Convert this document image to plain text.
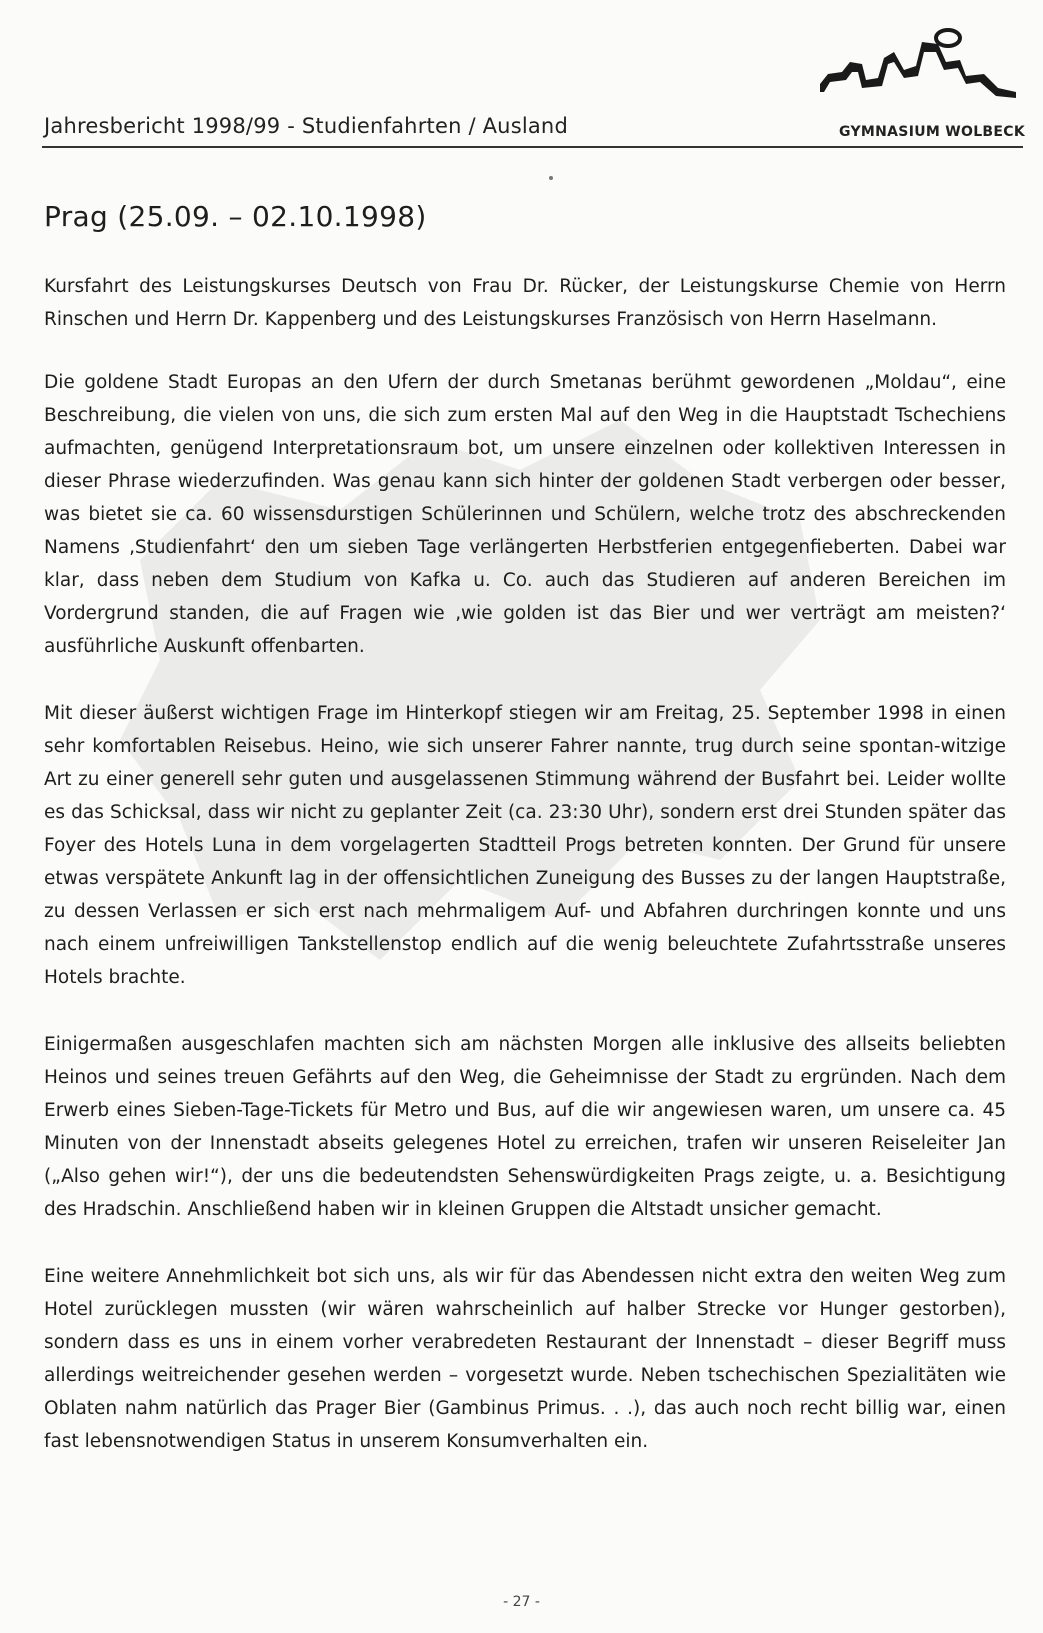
Jahresbericht 1998/99 - Studienfahrten / Ausland	GYMNASIUM WOLBECK
Prag (25.09. – 02.10.1998)

Kursfahrt des Leistungskurses Deutsch von Frau Dr. Rücker, der Leistungskurse Chemie von Herrn Rinschen und Herrn Dr. Kappenberg und des Leistungskurses Französisch von Herrn Haselmann.

Die goldene Stadt Europas an den Ufern der durch Smetanas berühmt gewordenen „Moldau“, eine Beschreibung, die vielen von uns, die sich zum ersten Mal auf den Weg in die Hauptstadt Tschechiens aufmachten, genügend Interpretationsraum bot, um unsere einzelnen oder kollektiven Interessen in dieser Phrase wiederzufinden. Was genau kann sich hinter der goldenen Stadt verbergen oder besser, was bietet sie ca. 60 wissensdurstigen Schülerinnen und Schülern, welche trotz des abschreckenden Namens ‚Studienfahrt‘ den um sieben Tage verlängerten Herbstferien entgegenfieberten. Dabei war klar, dass neben dem Studium von Kafka u. Co. auch das Studieren auf anderen Bereichen im Vordergrund standen, die auf Fragen wie ‚wie golden ist das Bier und wer verträgt am meisten?‘ ausführliche Auskunft offenbarten.

Mit dieser äußerst wichtigen Frage im Hinterkopf stiegen wir am Freitag, 25. September 1998 in einen sehr komfortablen Reisebus. Heino, wie sich unserer Fahrer nannte, trug durch seine spontan-witzige Art zu einer generell sehr guten und ausgelassenen Stimmung während der Busfahrt bei. Leider wollte es das Schicksal, dass wir nicht zu geplanter Zeit (ca. 23:30 Uhr), sondern erst drei Stunden später das Foyer des Hotels Luna in dem vorgelagerten Stadtteil Progs betreten konnten. Der Grund für unsere etwas verspätete Ankunft lag in der offensichtlichen Zuneigung des Busses zu der langen Hauptstraße, zu dessen Verlassen er sich erst nach mehrmaligem Auf- und Abfahren durchringen konnte und uns nach einem unfreiwilligen Tankstellenstop endlich auf die wenig beleuchtete Zufahrtsstraße unseres Hotels brachte.

Einigermaßen ausgeschlafen machten sich am nächsten Morgen alle inklusive des allseits beliebten Heinos und seines treuen Gefährts auf den Weg, die Geheimnisse der Stadt zu ergründen. Nach dem Erwerb eines Sieben-Tage-Tickets für Metro und Bus, auf die wir angewiesen waren, um unsere ca. 45 Minuten von der Innenstadt abseits gelegenes Hotel zu erreichen, trafen wir unseren Reiseleiter Jan („Also gehen wir!“), der uns die bedeutendsten Sehenswürdigkeiten Prags zeigte, u. a. Besichtigung des Hradschin. Anschließend haben wir in kleinen Gruppen die Altstadt unsicher gemacht.

Eine weitere Annehmlichkeit bot sich uns, als wir für das Abendessen nicht extra den weiten Weg zum Hotel zurücklegen mussten (wir wären wahrscheinlich auf halber Strecke vor Hunger gestorben), sondern dass es uns in einem vorher verabredeten Restaurant der Innenstadt – dieser Begriff muss allerdings weitreichender gesehen werden – vorgesetzt wurde. Neben tschechischen Spezialitäten wie Oblaten nahm natürlich das Prager Bier (Gambinus Primus. . .), das auch noch recht billig war, einen fast lebensnotwendigen Status in unserem Konsumverhalten ein.

- 27 -
